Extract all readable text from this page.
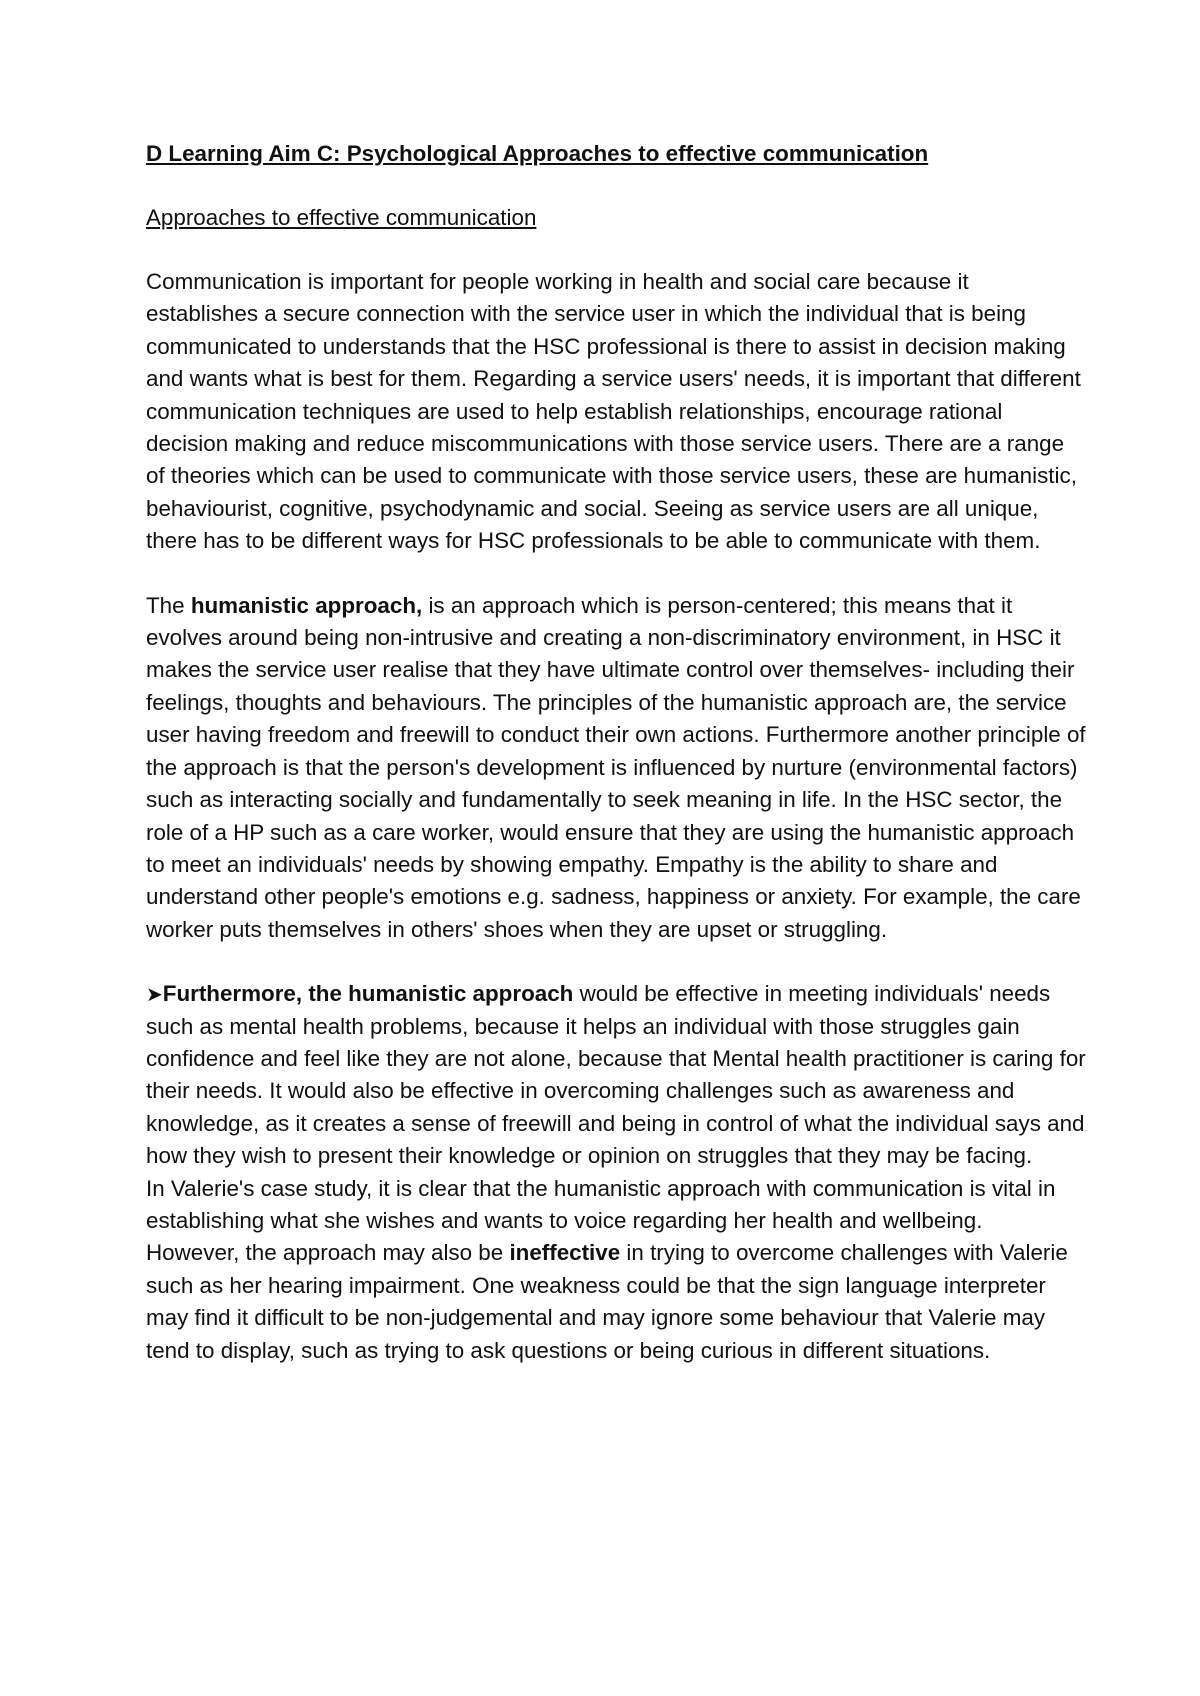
D Learning Aim C: Psychological Approaches to effective communication
Approaches to effective communication

Communication is important for people working in health and social care because it establishes a secure connection with the service user in which the individual that is being communicated to understands that the HSC professional is there to assist in decision making and wants what is best for them. Regarding a service users' needs, it is important that different communication techniques are used to help establish relationships, encourage rational decision making and reduce miscommunications with those service users. There are a range of theories which can be used to communicate with those service users, these are humanistic, behaviourist, cognitive, psychodynamic and social. Seeing as service users are all unique, there has to be different ways for HSC professionals to be able to communicate with them.

The humanistic approach, is an approach which is person-centered; this means that it evolves around being non-intrusive and creating a non-discriminatory environment, in HSC it makes the service user realise that they have ultimate control over themselves- including their feelings, thoughts and behaviours. The principles of the humanistic approach are, the service user having freedom and freewill to conduct their own actions. Furthermore another principle of the approach is that the person's development is influenced by nurture (environmental factors) such as interacting socially and fundamentally to seek meaning in life. In the HSC sector, the role of a HP such as a care worker, would ensure that they are using the humanistic approach to meet an individuals' needs by showing empathy. Empathy is the ability to share and understand other people's emotions e.g. sadness, happiness or anxiety. For example, the care worker puts themselves in others' shoes when they are upset or struggling.

➤Furthermore, the humanistic approach would be effective in meeting individuals' needs such as mental health problems, because it helps an individual with those struggles gain confidence and feel like they are not alone, because that Mental health practitioner is caring for their needs. It would also be effective in overcoming challenges such as awareness and knowledge, as it creates a sense of freewill and being in control of what the individual says and how they wish to present their knowledge or opinion on struggles that they may be facing.

In Valerie's case study, it is clear that the humanistic approach with communication is vital in establishing what she wishes and wants to voice regarding her health and wellbeing.

However, the approach may also be ineffective in trying to overcome challenges with Valerie such as her hearing impairment. One weakness could be that the sign language interpreter may find it difficult to be non-judgemental and may ignore some behaviour that Valerie may tend to display, such as trying to ask questions or being curious in different situations.
